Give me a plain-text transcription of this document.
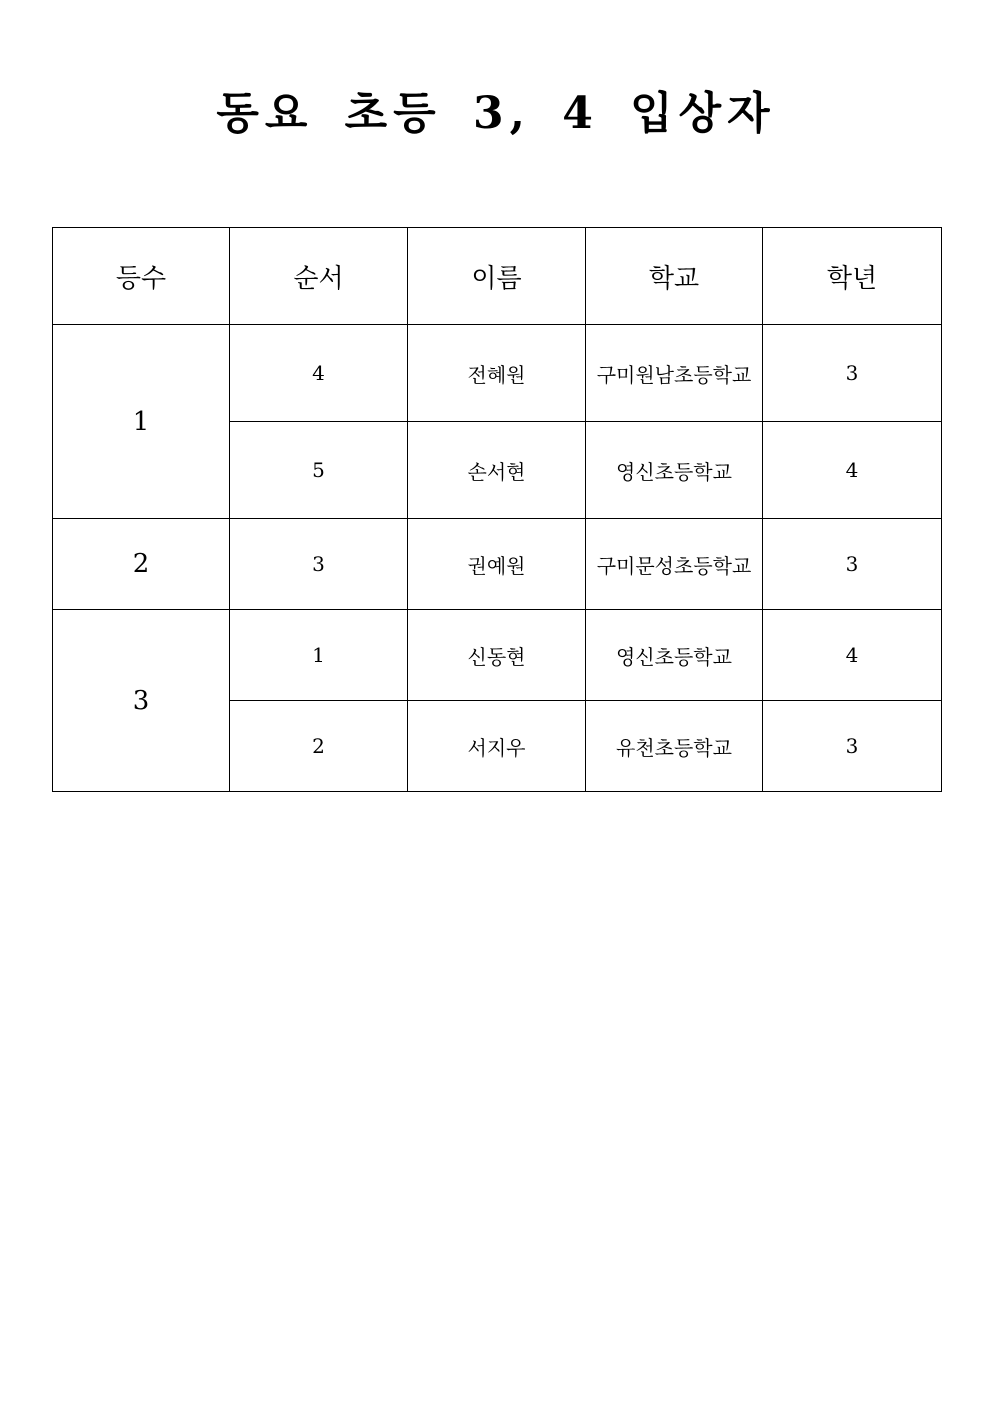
동요 초등 3, 4 입상자
등수	순서	이름	학교	학년
1	4	전혜원	구미원남초등학교	3
	5	손서현	영신초등학교	4
2	3	권예원	구미문성초등학교	3
3	1	신동현	영신초등학교	4
	2	서지우	유천초등학교	3
